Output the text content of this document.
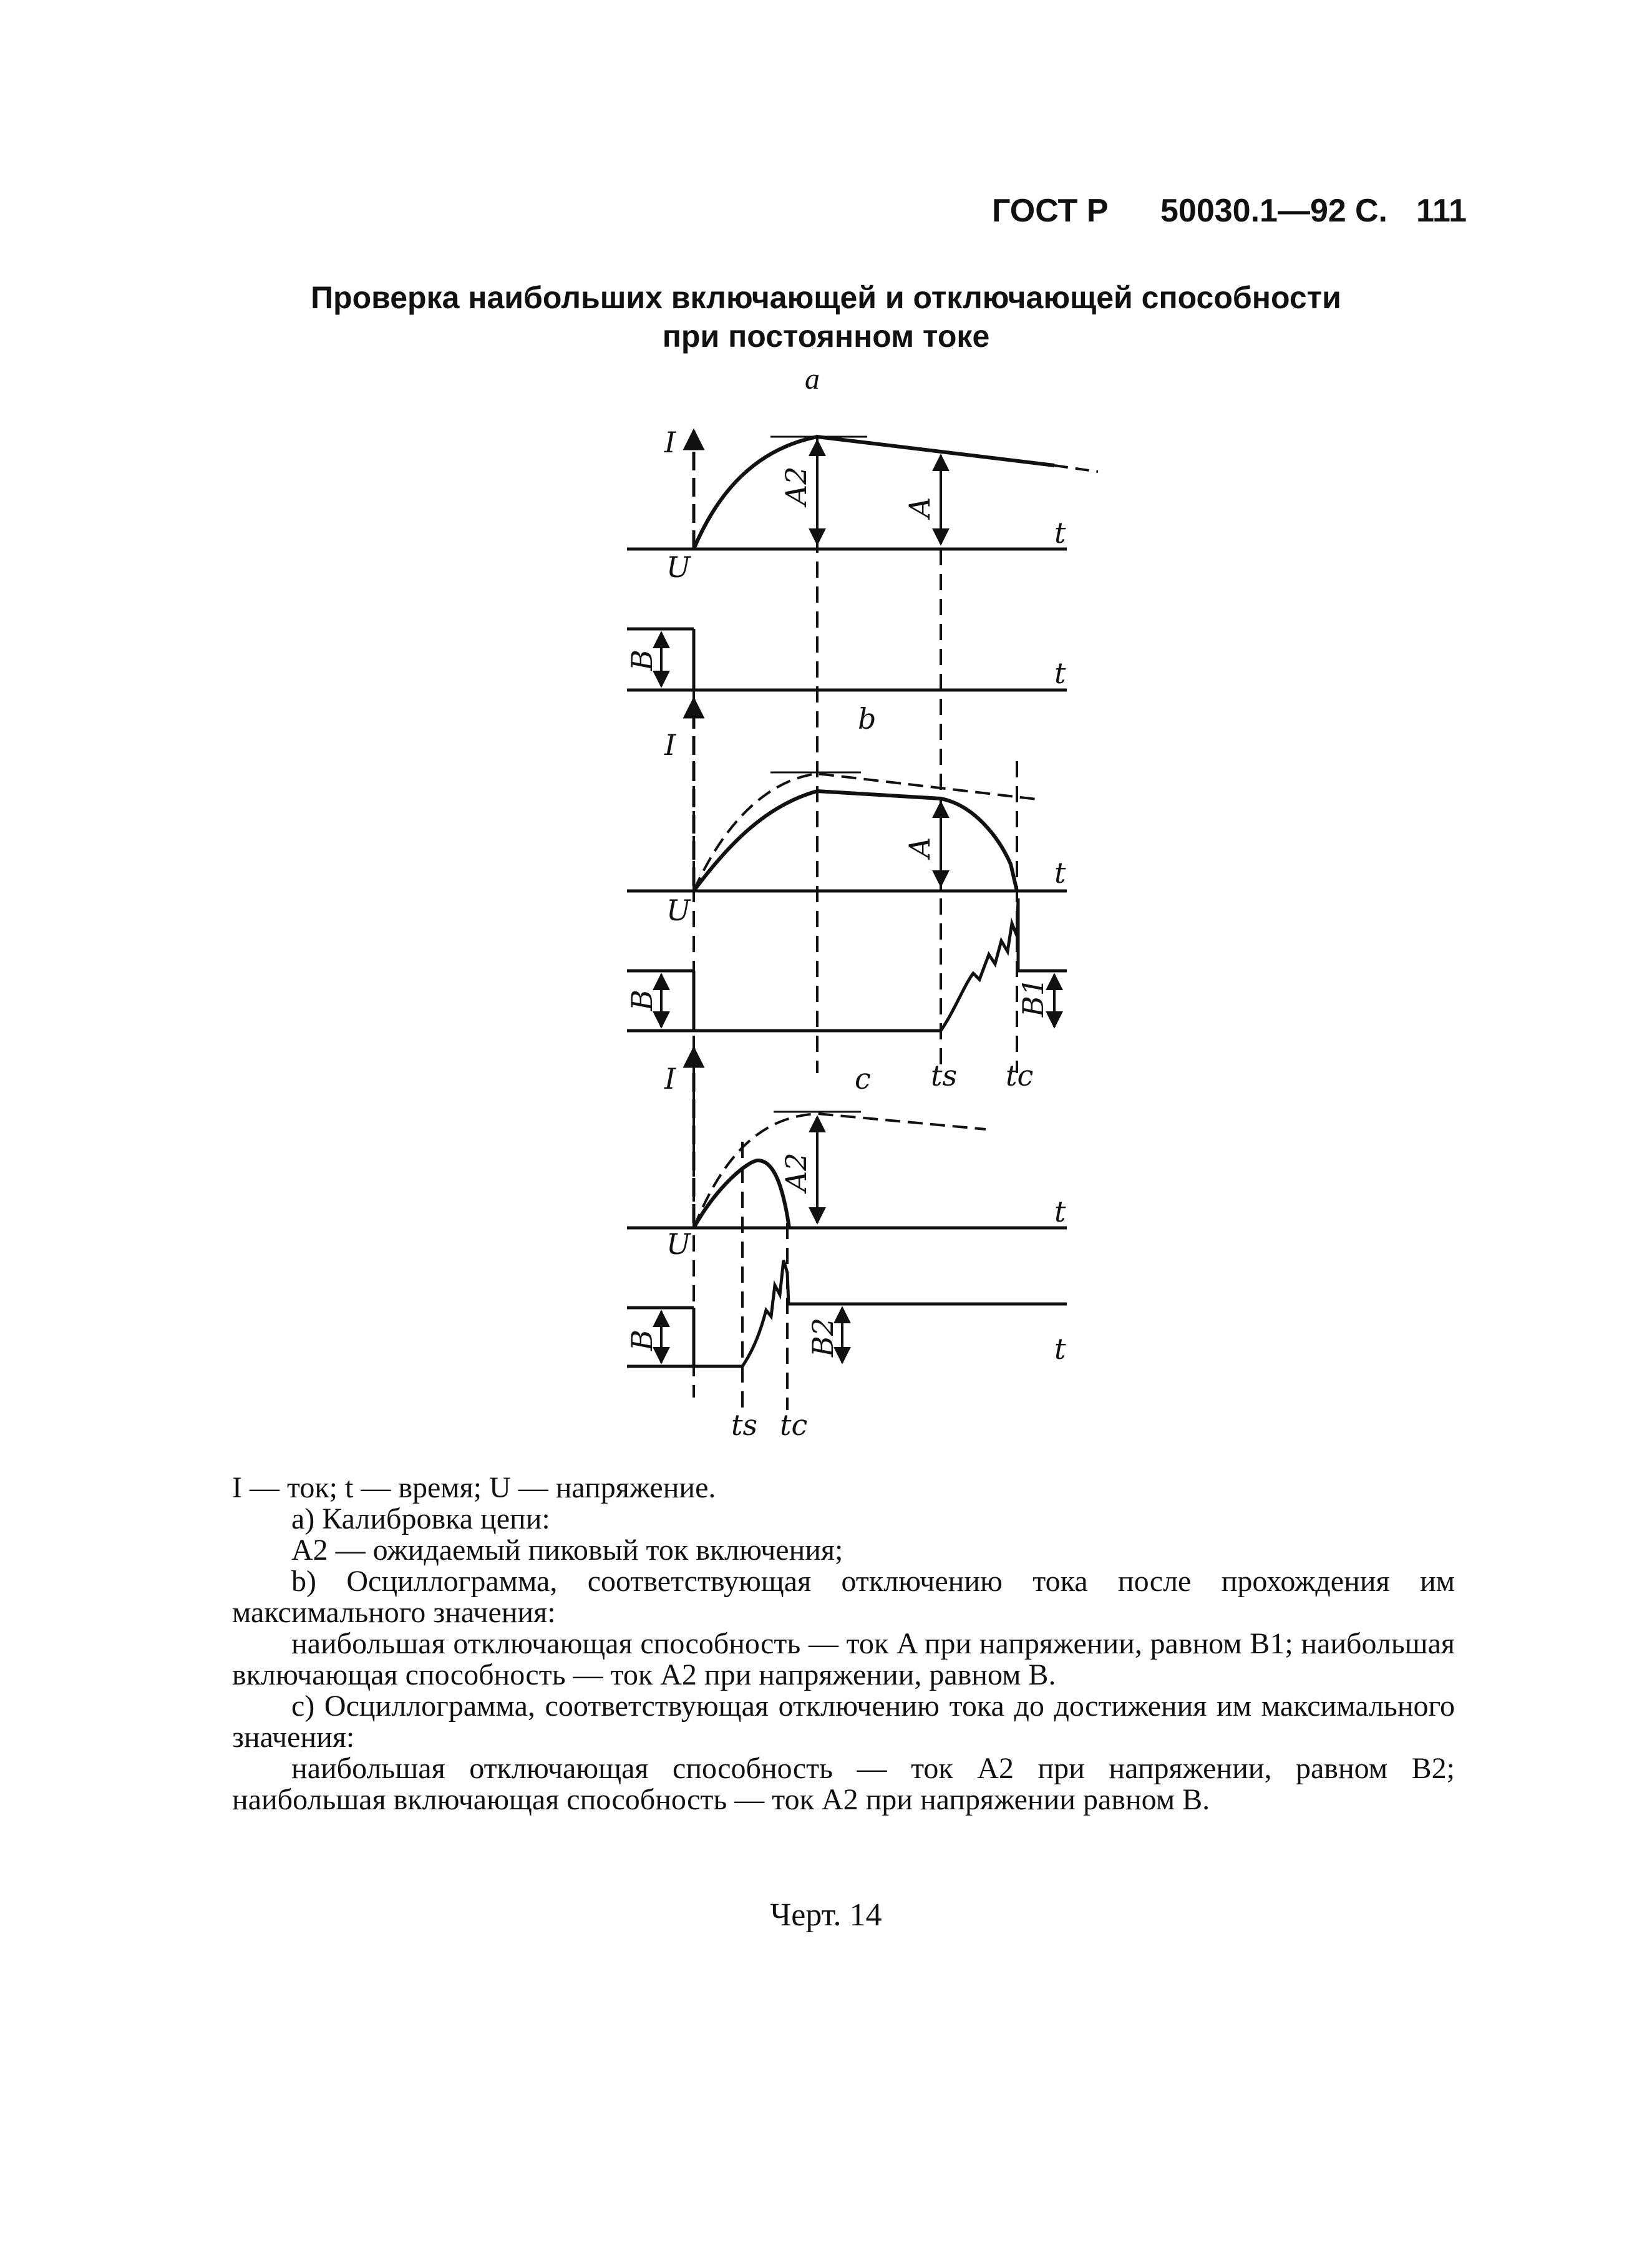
ГОСТ Р 50030.1—92 С. 111
Проверка наибольших включающей и отключающей способности
при постоянном токе
а
I
U
t
A2
A
B	t
b
I
U
t
A
B	B1
ts tc
c
I
U
t
A2
B	B2	t
ts tc

I — ток; t — время; U — напряжение.

а) Калибровка цепи:

A2 — ожидаемый пиковый ток включения;

b) Осциллограмма, соответствующая отключению тока после прохождения им максимального значения:

наибольшая отключающая способность — ток A при напряжении, равном B1; наибольшая включающая способность — ток A2 при напряжении, равном B.

с) Осциллограмма, соответствующая отключению тока до достижения им максимального значения:

наибольшая отключающая способность — ток A2 при напряжении, равном B2; наибольшая включающая способность — ток A2 при напряжении равном B.

Черт. 14
